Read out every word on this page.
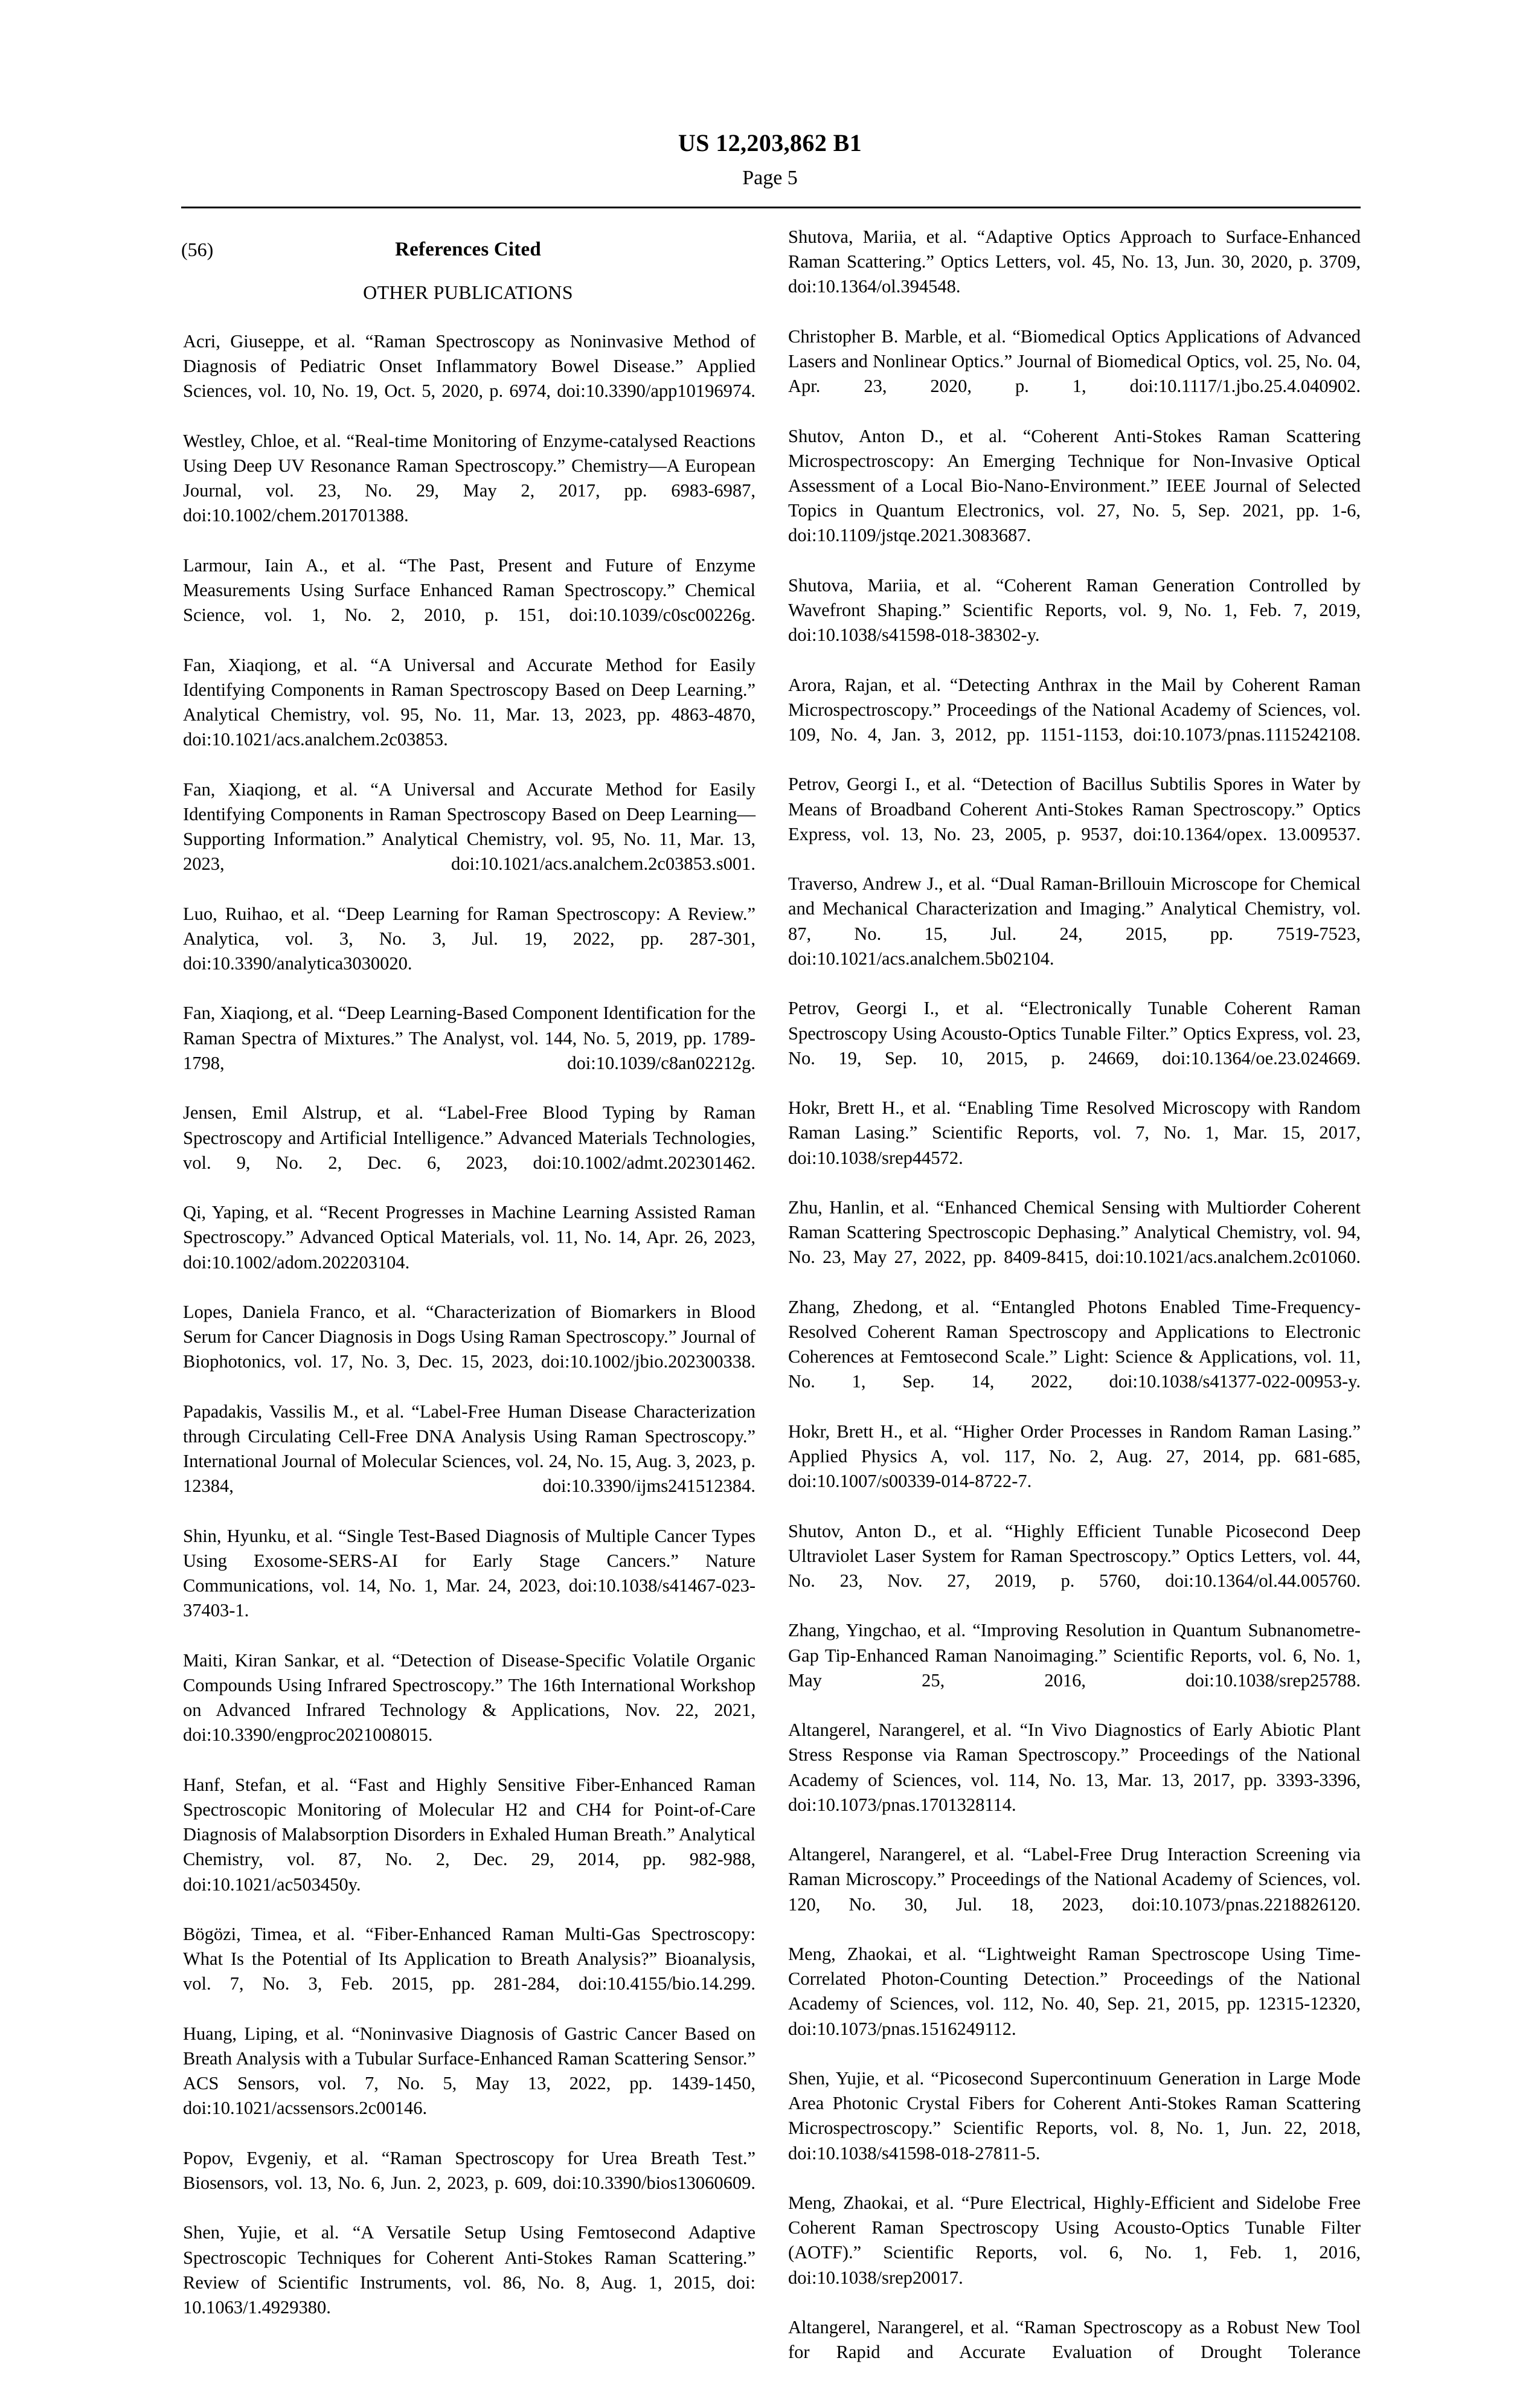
US 12,203,862 B1
Page 5
(56)	References Cited
OTHER PUBLICATIONS

Acri, Giuseppe, et al. “Raman Spectroscopy as Noninvasive Method of Diagnosis of Pediatric Onset Inflammatory Bowel Disease.” Applied Sciences, vol. 10, No. 19, Oct. 5, 2020, p. 6974, doi:10.3390/app10196974.

Westley, Chloe, et al. “Real-time Monitoring of Enzyme-catalysed Reactions Using Deep UV Resonance Raman Spectroscopy.” Chemistry—A European Journal, vol. 23, No. 29, May 2, 2017, pp. 6983-6987, doi:10.1002/chem.201701388.

Larmour, Iain A., et al. “The Past, Present and Future of Enzyme Measurements Using Surface Enhanced Raman Spectroscopy.” Chemical Science, vol. 1, No. 2, 2010, p. 151, doi:10.1039/c0sc00226g.

Fan, Xiaqiong, et al. “A Universal and Accurate Method for Easily Identifying Components in Raman Spectroscopy Based on Deep Learning.” Analytical Chemistry, vol. 95, No. 11, Mar. 13, 2023, pp. 4863-4870, doi:10.1021/acs.analchem.2c03853.

Fan, Xiaqiong, et al. “A Universal and Accurate Method for Easily Identifying Components in Raman Spectroscopy Based on Deep Learning—Supporting Information.” Analytical Chemistry, vol. 95, No. 11, Mar. 13, 2023, doi:10.1021/acs.analchem.2c03853.s001.

Luo, Ruihao, et al. “Deep Learning for Raman Spectroscopy: A Review.” Analytica, vol. 3, No. 3, Jul. 19, 2022, pp. 287-301, doi:10.3390/analytica3030020.

Fan, Xiaqiong, et al. “Deep Learning-Based Component Identification for the Raman Spectra of Mixtures.” The Analyst, vol. 144, No. 5, 2019, pp. 1789-1798, doi:10.1039/c8an02212g.

Jensen, Emil Alstrup, et al. “Label-Free Blood Typing by Raman Spectroscopy and Artificial Intelligence.” Advanced Materials Technologies, vol. 9, No. 2, Dec. 6, 2023, doi:10.1002/admt.202301462.

Qi, Yaping, et al. “Recent Progresses in Machine Learning Assisted Raman Spectroscopy.” Advanced Optical Materials, vol. 11, No. 14, Apr. 26, 2023, doi:10.1002/adom.202203104.

Lopes, Daniela Franco, et al. “Characterization of Biomarkers in Blood Serum for Cancer Diagnosis in Dogs Using Raman Spectroscopy.” Journal of Biophotonics, vol. 17, No. 3, Dec. 15, 2023, doi:10.1002/jbio.202300338.

Papadakis, Vassilis M., et al. “Label-Free Human Disease Characterization through Circulating Cell-Free DNA Analysis Using Raman Spectroscopy.” International Journal of Molecular Sciences, vol. 24, No. 15, Aug. 3, 2023, p. 12384, doi:10.3390/ijms241512384.

Shin, Hyunku, et al. “Single Test-Based Diagnosis of Multiple Cancer Types Using Exosome-SERS-AI for Early Stage Cancers.” Nature Communications, vol. 14, No. 1, Mar. 24, 2023, doi:10.1038/s41467-023-37403-1.

Maiti, Kiran Sankar, et al. “Detection of Disease-Specific Volatile Organic Compounds Using Infrared Spectroscopy.” The 16th International Workshop on Advanced Infrared Technology & Applications, Nov. 22, 2021, doi:10.3390/engproc2021008015.

Hanf, Stefan, et al. “Fast and Highly Sensitive Fiber-Enhanced Raman Spectroscopic Monitoring of Molecular H2 and CH4 for Point-of-Care Diagnosis of Malabsorption Disorders in Exhaled Human Breath.” Analytical Chemistry, vol. 87, No. 2, Dec. 29, 2014, pp. 982-988, doi:10.1021/ac503450y.

Bögözi, Timea, et al. “Fiber-Enhanced Raman Multi-Gas Spectroscopy: What Is the Potential of Its Application to Breath Analysis?” Bioanalysis, vol. 7, No. 3, Feb. 2015, pp. 281-284, doi:10.4155/bio.14.299.

Huang, Liping, et al. “Noninvasive Diagnosis of Gastric Cancer Based on Breath Analysis with a Tubular Surface-Enhanced Raman Scattering Sensor.” ACS Sensors, vol. 7, No. 5, May 13, 2022, pp. 1439-1450, doi:10.1021/acssensors.2c00146.

Popov, Evgeniy, et al. “Raman Spectroscopy for Urea Breath Test.” Biosensors, vol. 13, No. 6, Jun. 2, 2023, p. 609, doi:10.3390/bios13060609.

Shen, Yujie, et al. “A Versatile Setup Using Femtosecond Adaptive Spectroscopic Techniques for Coherent Anti-Stokes Raman Scattering.” Review of Scientific Instruments, vol. 86, No. 8, Aug. 1, 2015, doi: 10.1063/1.4929380.

Shutova, Mariia, et al. “Adaptive Optics Approach to Surface-Enhanced Raman Scattering.” Optics Letters, vol. 45, No. 13, Jun. 30, 2020, p. 3709, doi:10.1364/ol.394548.

Christopher B. Marble, et al. “Biomedical Optics Applications of Advanced Lasers and Nonlinear Optics.” Journal of Biomedical Optics, vol. 25, No. 04, Apr. 23, 2020, p. 1, doi:10.1117/1.jbo.25.4.040902.

Shutov, Anton D., et al. “Coherent Anti-Stokes Raman Scattering Microspectroscopy: An Emerging Technique for Non-Invasive Optical Assessment of a Local Bio-Nano-Environment.” IEEE Journal of Selected Topics in Quantum Electronics, vol. 27, No. 5, Sep. 2021, pp. 1-6, doi:10.1109/jstqe.2021.3083687.

Shutova, Mariia, et al. “Coherent Raman Generation Controlled by Wavefront Shaping.” Scientific Reports, vol. 9, No. 1, Feb. 7, 2019, doi:10.1038/s41598-018-38302-y.

Arora, Rajan, et al. “Detecting Anthrax in the Mail by Coherent Raman Microspectroscopy.” Proceedings of the National Academy of Sciences, vol. 109, No. 4, Jan. 3, 2012, pp. 1151-1153, doi:10.1073/pnas.1115242108.

Petrov, Georgi I., et al. “Detection of Bacillus Subtilis Spores in Water by Means of Broadband Coherent Anti-Stokes Raman Spectroscopy.” Optics Express, vol. 13, No. 23, 2005, p. 9537, doi:10.1364/opex. 13.009537.

Traverso, Andrew J., et al. “Dual Raman-Brillouin Microscope for Chemical and Mechanical Characterization and Imaging.” Analytical Chemistry, vol. 87, No. 15, Jul. 24, 2015, pp. 7519-7523, doi:10.1021/acs.analchem.5b02104.

Petrov, Georgi I., et al. “Electronically Tunable Coherent Raman Spectroscopy Using Acousto-Optics Tunable Filter.” Optics Express, vol. 23, No. 19, Sep. 10, 2015, p. 24669, doi:10.1364/oe.23.024669.

Hokr, Brett H., et al. “Enabling Time Resolved Microscopy with Random Raman Lasing.” Scientific Reports, vol. 7, No. 1, Mar. 15, 2017, doi:10.1038/srep44572.

Zhu, Hanlin, et al. “Enhanced Chemical Sensing with Multiorder Coherent Raman Scattering Spectroscopic Dephasing.” Analytical Chemistry, vol. 94, No. 23, May 27, 2022, pp. 8409-8415, doi:10.1021/acs.analchem.2c01060.

Zhang, Zhedong, et al. “Entangled Photons Enabled Time-Frequency-Resolved Coherent Raman Spectroscopy and Applications to Electronic Coherences at Femtosecond Scale.” Light: Science & Applications, vol. 11, No. 1, Sep. 14, 2022, doi:10.1038/s41377-022-00953-y.

Hokr, Brett H., et al. “Higher Order Processes in Random Raman Lasing.” Applied Physics A, vol. 117, No. 2, Aug. 27, 2014, pp. 681-685, doi:10.1007/s00339-014-8722-7.

Shutov, Anton D., et al. “Highly Efficient Tunable Picosecond Deep Ultraviolet Laser System for Raman Spectroscopy.” Optics Letters, vol. 44, No. 23, Nov. 27, 2019, p. 5760, doi:10.1364/ol.44.005760.

Zhang, Yingchao, et al. “Improving Resolution in Quantum Subnanometre-Gap Tip-Enhanced Raman Nanoimaging.” Scientific Reports, vol. 6, No. 1, May 25, 2016, doi:10.1038/srep25788.

Altangerel, Narangerel, et al. “In Vivo Diagnostics of Early Abiotic Plant Stress Response via Raman Spectroscopy.” Proceedings of the National Academy of Sciences, vol. 114, No. 13, Mar. 13, 2017, pp. 3393-3396, doi:10.1073/pnas.1701328114.

Altangerel, Narangerel, et al. “Label-Free Drug Interaction Screening via Raman Microscopy.” Proceedings of the National Academy of Sciences, vol. 120, No. 30, Jul. 18, 2023, doi:10.1073/pnas.2218826120.

Meng, Zhaokai, et al. “Lightweight Raman Spectroscope Using Time-Correlated Photon-Counting Detection.” Proceedings of the National Academy of Sciences, vol. 112, No. 40, Sep. 21, 2015, pp. 12315-12320, doi:10.1073/pnas.1516249112.

Shen, Yujie, et al. “Picosecond Supercontinuum Generation in Large Mode Area Photonic Crystal Fibers for Coherent Anti-Stokes Raman Scattering Microspectroscopy.” Scientific Reports, vol. 8, No. 1, Jun. 22, 2018, doi:10.1038/s41598-018-27811-5.

Meng, Zhaokai, et al. “Pure Electrical, Highly-Efficient and Sidelobe Free Coherent Raman Spectroscopy Using Acousto-Optics Tunable Filter (AOTF).” Scientific Reports, vol. 6, No. 1, Feb. 1, 2016, doi:10.1038/srep20017.

Altangerel, Narangerel, et al. “Raman Spectroscopy as a Robust New Tool for Rapid and Accurate Evaluation of Drought Tolerance
